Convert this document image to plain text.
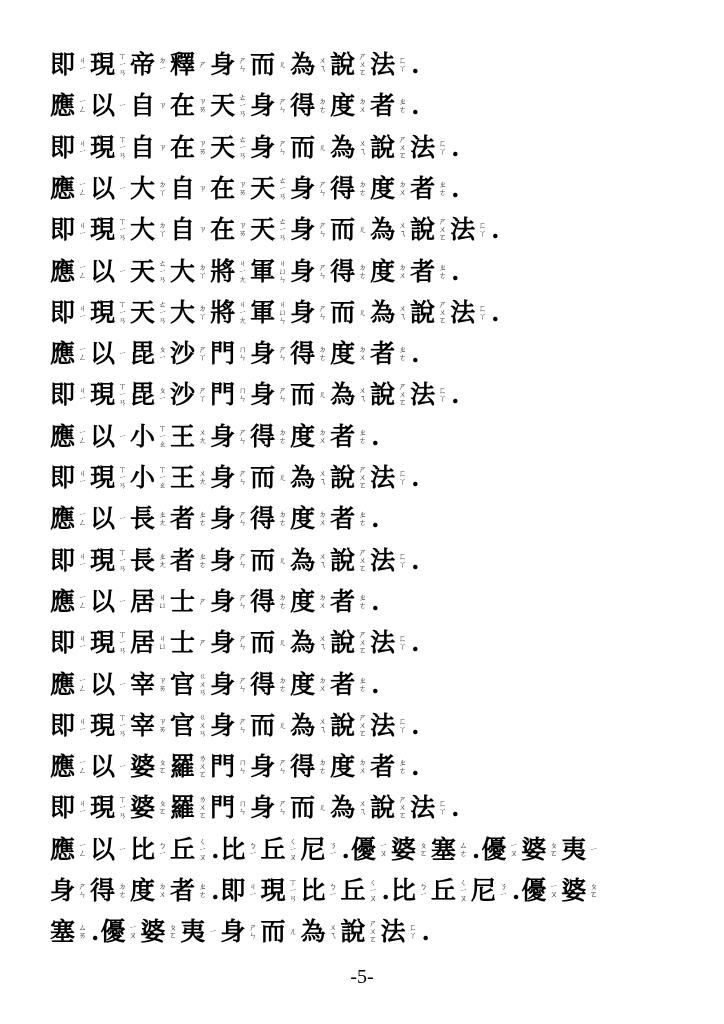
即 ㄐ
ㄧ 現 ㄒ
ㄧ
ㄢ 帝 ㄉ
ㄧ 釋 ㄕ 身 ㄕ
ㄣ 而 ㄦ 為 ㄨ
ㄟ 說 ㄕ
ㄨ
ㄛ 法 ㄈ
ㄚ .
應 ㄧ
ㄥ 以 ㄧ 自 ㄗ 在 ㄗ
ㄞ 天 ㄊ
ㄧ
ㄢ 身 ㄕ
ㄣ 得 ㄉ
ㄜ 度 ㄉ
ㄨ 者 ㄓ
ㄜ .
即 ㄐ
ㄧ 現 ㄒ
ㄧ
ㄢ 自 ㄗ 在 ㄗ
ㄞ 天 ㄊ
ㄧ
ㄢ 身 ㄕ
ㄣ 而 ㄦ 為 ㄨ
ㄟ 說 ㄕ
ㄨ
ㄛ 法 ㄈ
ㄚ .
應 ㄧ
ㄥ 以 ㄧ 大 ㄉ
ㄚ 自 ㄗ 在 ㄗ
ㄞ 天 ㄊ
ㄧ
ㄢ 身 ㄕ
ㄣ 得 ㄉ
ㄜ 度 ㄉ
ㄨ 者 ㄓ
ㄜ .
即 ㄐ
ㄧ 現 ㄒ
ㄧ
ㄢ 大 ㄉ
ㄚ 自 ㄗ 在 ㄗ
ㄞ 天 ㄊ
ㄧ
ㄢ 身 ㄕ
ㄣ 而 ㄦ 為 ㄨ
ㄟ 說 ㄕ
ㄨ
ㄛ 法 ㄈ
ㄚ .
應 ㄧ
ㄥ 以 ㄧ 天 ㄊ
ㄧ
ㄢ 大 ㄉ
ㄚ 將 ㄐ
ㄧ
ㄤ 軍 ㄐ
ㄩ
ㄣ 身 ㄕ
ㄣ 得 ㄉ
ㄜ 度 ㄉ
ㄨ 者 ㄓ
ㄜ .
即 ㄐ
ㄧ 現 ㄒ
ㄧ
ㄢ 天 ㄊ
ㄧ
ㄢ 大 ㄉ
ㄚ 將 ㄐ
ㄧ
ㄤ 軍 ㄐ
ㄩ
ㄣ 身 ㄕ
ㄣ 而 ㄦ 為 ㄨ
ㄟ 說 ㄕ
ㄨ
ㄛ 法 ㄈ
ㄚ .
應 ㄧ
ㄥ 以 ㄧ 毘 ㄆ
ㄧ 沙 ㄕ
ㄚ 門 ㄇ
ㄣ 身 ㄕ
ㄣ 得 ㄉ
ㄜ 度 ㄉ
ㄨ 者 ㄓ
ㄜ .
即 ㄐ
ㄧ 現 ㄒ
ㄧ
ㄢ 毘 ㄆ
ㄧ 沙 ㄕ
ㄚ 門 ㄇ
ㄣ 身 ㄕ
ㄣ 而 ㄦ 為 ㄨ
ㄟ 說 ㄕ
ㄨ
ㄛ 法 ㄈ
ㄚ .
應 ㄧ
ㄥ 以 ㄧ 小 ㄒ
ㄧ
ㄠ 王 ㄨ
ㄤ 身 ㄕ
ㄣ 得 ㄉ
ㄜ 度 ㄉ
ㄨ 者 ㄓ
ㄜ .
即 ㄐ
ㄧ 現 ㄒ
ㄧ
ㄢ 小 ㄒ
ㄧ
ㄠ 王 ㄨ
ㄤ 身 ㄕ
ㄣ 而 ㄦ 為 ㄨ
ㄟ 說 ㄕ
ㄨ
ㄛ 法 ㄈ
ㄚ .
應 ㄧ
ㄥ 以 ㄧ 長 ㄓ
ㄤ 者 ㄓ
ㄜ 身 ㄕ
ㄣ 得 ㄉ
ㄜ 度 ㄉ
ㄨ 者 ㄓ
ㄜ .
即 ㄐ
ㄧ 現 ㄒ
ㄧ
ㄢ 長 ㄓ
ㄤ 者 ㄓ
ㄜ 身 ㄕ
ㄣ 而 ㄦ 為 ㄨ
ㄟ 說 ㄕ
ㄨ
ㄛ 法 ㄈ
ㄚ .
應 ㄧ
ㄥ 以 ㄧ 居 ㄐ
ㄩ 士 ㄕ 身 ㄕ
ㄣ 得 ㄉ
ㄜ 度 ㄉ
ㄨ 者 ㄓ
ㄜ .
即 ㄐ
ㄧ 現 ㄒ
ㄧ
ㄢ 居 ㄐ
ㄩ 士 ㄕ 身 ㄕ
ㄣ 而 ㄦ 為 ㄨ
ㄟ 說 ㄕ
ㄨ
ㄛ 法 ㄈ
ㄚ .
應 ㄧ
ㄥ 以 ㄧ 宰 ㄗ
ㄞ 官 ㄍ
ㄨ
ㄢ 身 ㄕ
ㄣ 得 ㄉ
ㄜ 度 ㄉ
ㄨ 者 ㄓ
ㄜ .
即 ㄐ
ㄧ 現 ㄒ
ㄧ
ㄢ 宰 ㄗ
ㄞ 官 ㄍ
ㄨ
ㄢ 身 ㄕ
ㄣ 而 ㄦ 為 ㄨ
ㄟ 說 ㄕ
ㄨ
ㄛ 法 ㄈ
ㄚ .
應 ㄧ
ㄥ 以 ㄧ 婆 ㄆ
ㄛ 羅 ㄌ
ㄨ
ㄛ 門 ㄇ
ㄣ 身 ㄕ
ㄣ 得 ㄉ
ㄜ 度 ㄉ
ㄨ 者 ㄓ
ㄜ .
即 ㄐ
ㄧ 現 ㄒ
ㄧ
ㄢ 婆 ㄆ
ㄛ 羅 ㄌ
ㄨ
ㄛ 門 ㄇ
ㄣ 身 ㄕ
ㄣ 而 ㄦ 為 ㄨ
ㄟ 說 ㄕ
ㄨ
ㄛ 法 ㄈ
ㄚ .
應 ㄧ
ㄥ 以 ㄧ 比 ㄅ
ㄧ 丘 ㄑ
ㄧ
ㄡ . 比 ㄅ
ㄧ 丘 ㄑ
ㄧ
ㄡ 尼 ㄋ
ㄧ . 優 ㄧ
ㄡ 婆 ㄆ
ㄛ 塞 ㄙ
ㄜ . 優 ㄧ
ㄡ 婆 ㄆ
ㄛ 夷 ㄧ
身 ㄕ
ㄣ 得 ㄉ
ㄜ 度 ㄉ
ㄨ 者 ㄓ
ㄜ . 即 ㄐ
ㄧ 現 ㄒ
ㄧ
ㄢ 比 ㄅ
ㄧ 丘 ㄑ
ㄧ
ㄡ . 比 ㄅ
ㄧ 丘 ㄑ
ㄧ
ㄡ 尼 ㄋ
ㄧ . 優 ㄧ
ㄡ 婆 ㄆ
ㄛ
塞 ㄙ
ㄞ . 優 ㄧ
ㄡ 婆 ㄆ
ㄛ 夷 ㄧ 身 ㄕ
ㄣ 而 ㄦ 為 ㄨ
ㄟ 說 ㄕ
ㄨ
ㄛ 法 ㄈ
ㄚ .
-5-
